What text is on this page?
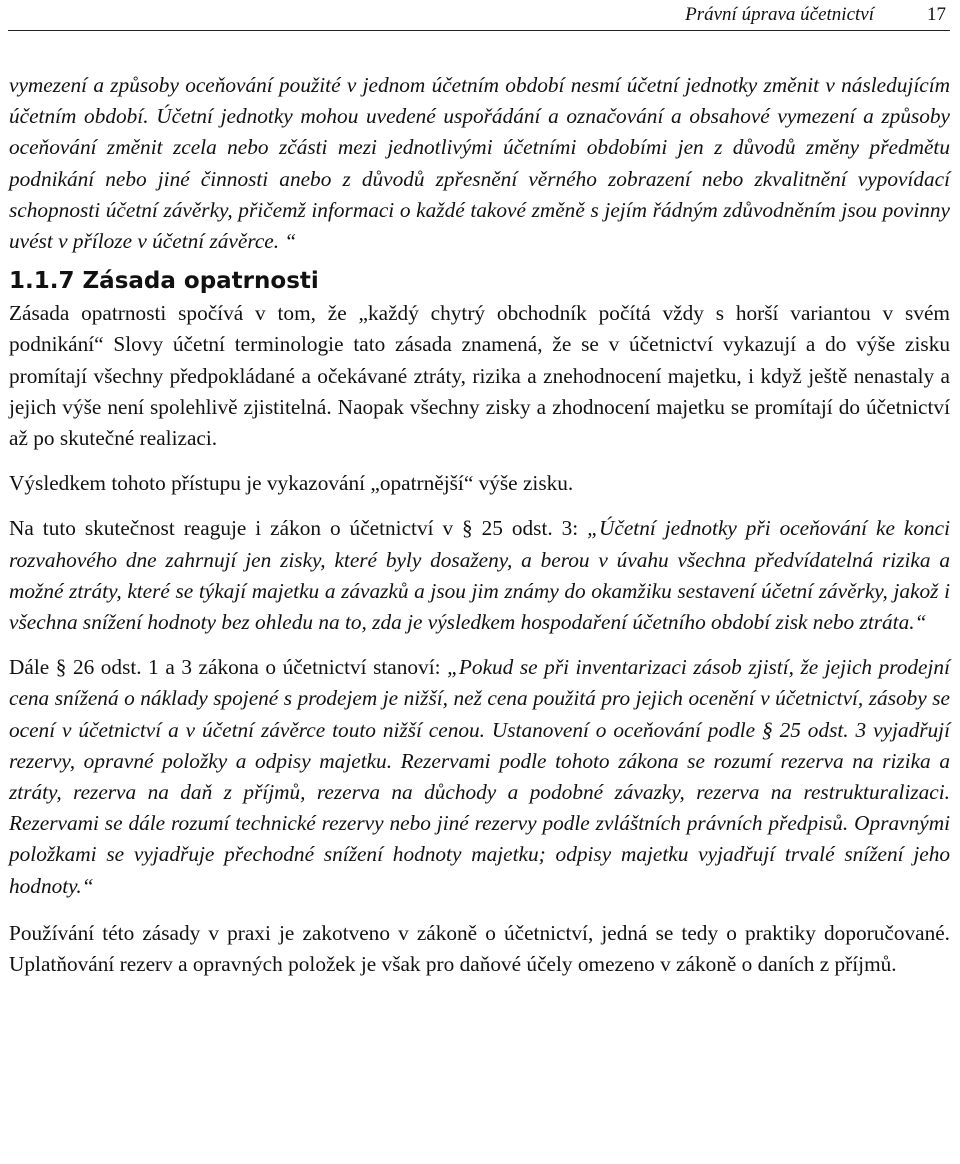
Právní úprava účetnictví	17

vymezení a způsoby oceňování použité v jednom účetním období nesmí účetní jednotky změnit v následujícím účetním období. Účetní jednotky mohou uvedené uspořádání a označování a obsahové vymezení a způsoby oceňování změnit zcela nebo zčásti mezi jednotlivými účetními obdobími jen z důvodů změny předmětu podnikání nebo jiné činnosti anebo z důvodů zpřesnění věrného zobrazení nebo zkvalitnění vypovídací schopnosti účetní závěrky, přičemž informaci o každé takové změně s jejím řádným zdůvodněním jsou povinny uvést v příloze v účetní závěrce. “

1.1.7 Zásada opatrnosti

Zásada opatrnosti spočívá v tom, že „každý chytrý obchodník počítá vždy s horší variantou v svém podnikání“ Slovy účetní terminologie tato zásada znamená, že se v účetnictví vykazují a do výše zisku promítají všechny předpokládané a očekávané ztráty, rizika a znehodnocení majetku, i když ještě nenastaly a jejich výše není spolehlivě zjistitelná. Naopak všechny zisky a zhodnocení majetku se promítají do účetnictví až po skutečné realizaci.

Výsledkem tohoto přístupu je vykazování „opatrnější“ výše zisku.

Na tuto skutečnost reaguje i zákon o účetnictví v § 25 odst. 3: „Účetní jednotky při oceňování ke konci rozvahového dne zahrnují jen zisky, které byly dosaženy, a berou v úvahu všechna předvídatelná rizika a možné ztráty, které se týkají majetku a závazků a jsou jim známy do okamžiku sestavení účetní závěrky, jakož i všechna snížení hodnoty bez ohledu na to, zda je výsledkem hospodaření účetního období zisk nebo ztráta.“

Dále § 26 odst. 1 a 3 zákona o účetnictví stanoví: „Pokud se při inventarizaci zásob zjistí, že jejich prodejní cena snížená o náklady spojené s prodejem je nižší, než cena použitá pro jejich ocenění v účetnictví, zásoby se ocení v účetnictví a v účetní závěrce touto nižší cenou. Ustanovení o oceňování podle § 25 odst. 3 vyjadřují rezervy, opravné položky a odpisy majetku. Rezervami podle tohoto zákona se rozumí rezerva na rizika a ztráty, rezerva na daň z příjmů, rezerva na důchody a podobné závazky, rezerva na restrukturalizaci. Rezervami se dále rozumí technické rezervy nebo jiné rezervy podle zvláštních právních předpisů. Opravnými položkami se vyjadřuje přechodné snížení hodnoty majetku; odpisy majetku vyjadřují trvalé snížení jeho hodnoty.“

Používání této zásady v praxi je zakotveno v zákoně o účetnictví, jedná se tedy o praktiky doporučované. Uplatňování rezerv a opravných položek je však pro daňové účely omezeno v zákoně o daních z příjmů.
